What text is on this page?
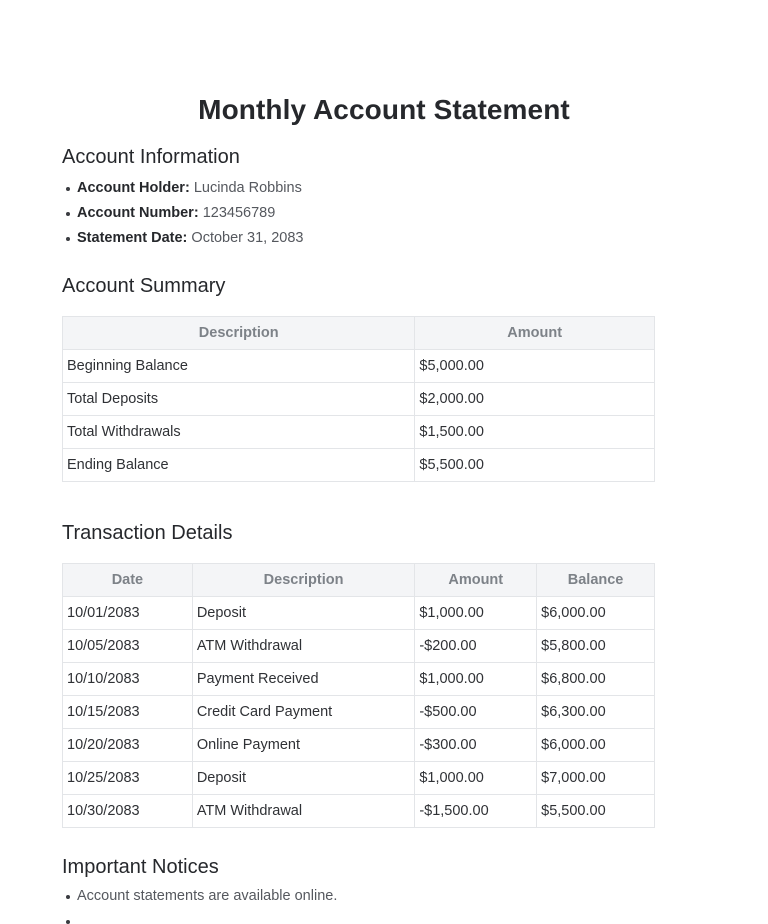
Monthly Account Statement
Account Information
Account Holder: Lucinda Robbins
Account Number: 123456789
Statement Date: October 31, 2083
Account Summary
Description	Amount
Beginning Balance	$5,000.00
Total Deposits	$2,000.00
Total Withdrawals	$1,500.00
Ending Balance	$5,500.00
Transaction Details
Date	Description	Amount	Balance
10/01/2083	Deposit	$1,000.00	$6,000.00
10/05/2083	ATM Withdrawal	-$200.00	$5,800.00
10/10/2083	Payment Received	$1,000.00	$6,800.00
10/15/2083	Credit Card Payment	-$500.00	$6,300.00
10/20/2083	Online Payment	-$300.00	$6,000.00
10/25/2083	Deposit	$1,000.00	$7,000.00
10/30/2083	ATM Withdrawal	-$1,500.00	$5,500.00
Important Notices
Account statements are available online.
